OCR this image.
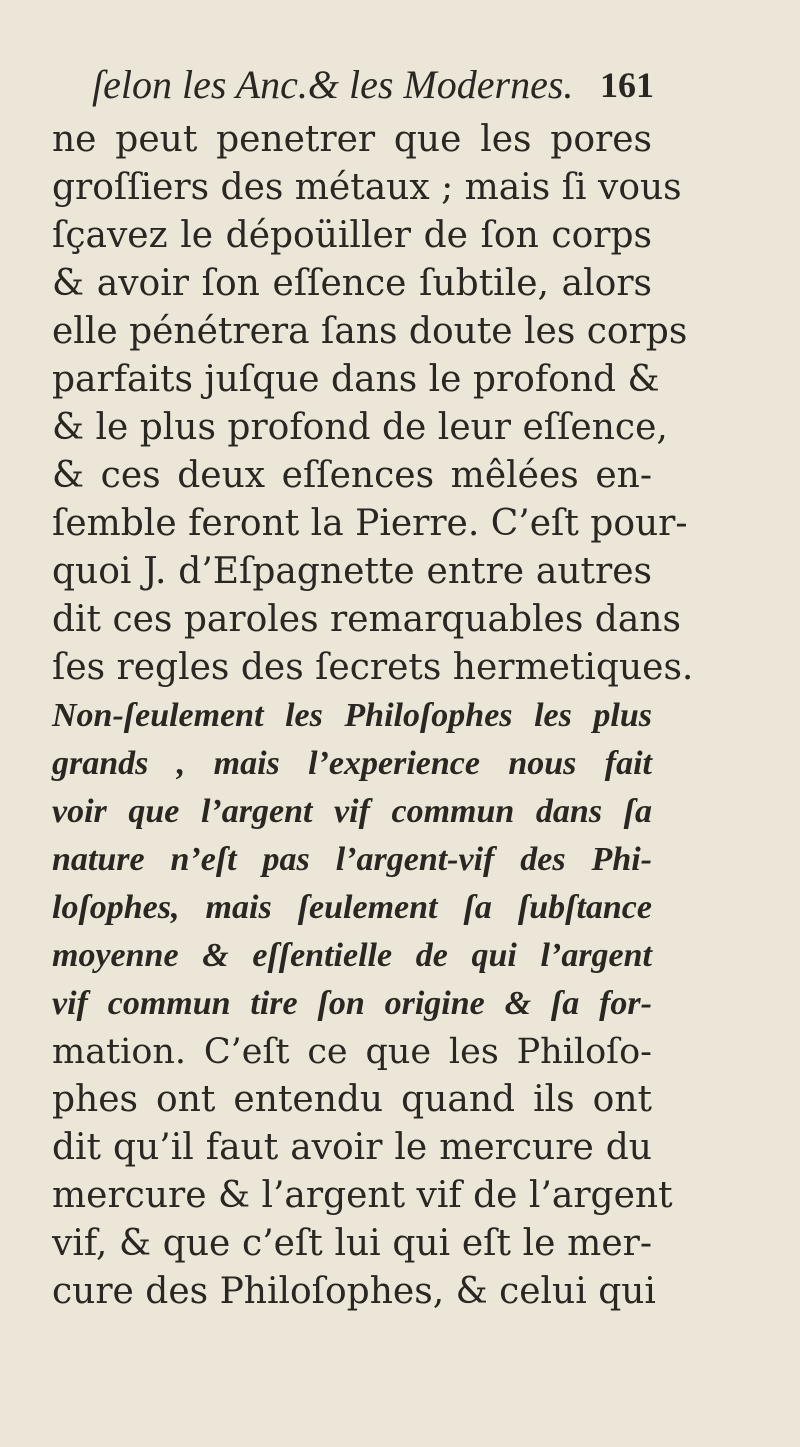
ſelon les Anc.& les Modernes. 161
ne peut penetrer que les pores
groſſiers des métaux ; mais ſi vous
ſçavez le dépoüiller de ſon corps
& avoir ſon eſſence ſubtile, alors
elle pénétrera ſans doute les corps
parfaits juſque dans le profond &
& le plus profond de leur eſſence,
& ces deux eſſences mêlées en-
ſemble feront la Pierre. C’eſt pour-
quoi J. d’Eſpagnette entre autres
dit ces paroles remarquables dans
ſes regles des ſecrets hermetiques.
Non-ſeulement les Philoſophes les plus
grands , mais l’experience nous fait
voir que l’argent vif commun dans ſa
nature n’eſt pas l’argent-vif des Phi-
loſophes, mais ſeulement ſa ſubſtance
moyenne & eſſentielle de qui l’argent
vif commun tire ſon origine & ſa for-
mation. C’eſt ce que les Philoſo-
phes ont entendu quand ils ont
dit qu’il faut avoir le mercure du
mercure & l’argent vif de l’argent
vif, & que c’eſt lui qui eſt le mer-
cure des Philoſophes, & celui qui
